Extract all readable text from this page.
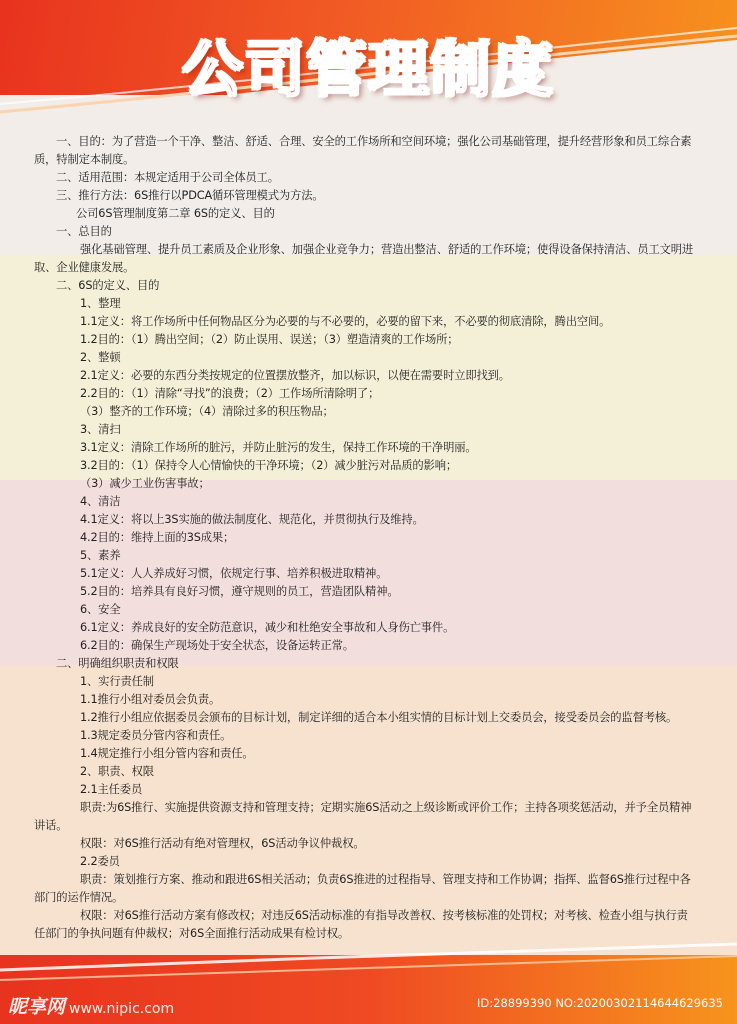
公司管理制度
一、目的：为了营造一个干净、整洁、舒适、合理、安全的工作场所和空间环境；强化公司基础管理，提升经营形象和员工综合素
质，特制定本制度。
二、适用范围：本规定适用于公司全体员工。
三、推行方法：6S推行以PDCA循环管理模式为方法。
公司6S管理制度第二章 6S的定义、目的
一、总目的
强化基础管理、提升员工素质及企业形象、加强企业竞争力；营造出整洁、舒适的工作环境；使得设备保持清洁、员工文明进
取、企业健康发展。
二、6S的定义、目的
1、整理
1.1定义：将工作场所中任何物品区分为必要的与不必要的，必要的留下来，不必要的彻底清除，腾出空间。
1.2目的：（1）腾出空间；（2）防止误用、误送；（3）塑造清爽的工作场所；
2、整顿
2.1定义：必要的东西分类按规定的位置摆放整齐，加以标识，以便在需要时立即找到。
2.2目的：（1）清除“寻找”的浪费；（2）工作场所清除明了；
（3）整齐的工作环境；（4）清除过多的积压物品；
3、清扫
3.1定义：清除工作场所的脏污，并防止脏污的发生，保持工作环境的干净明丽。
3.2目的：（1）保持令人心情愉快的干净环境；（2）减少脏污对品质的影响；
（3）减少工业伤害事故；
4、清洁
4.1定义：将以上3S实施的做法制度化、规范化，并贯彻执行及维持。
4.2目的：维持上面的3S成果；
5、素养
5.1定义：人人养成好习惯，依规定行事、培养积极进取精神。
5.2目的：培养具有良好习惯，遵守规则的员工，营造团队精神。
6、安全
6.1定义：养成良好的安全防范意识，减少和杜绝安全事故和人身伤亡事件。
6.2目的：确保生产现场处于安全状态，设备运转正常。
二、明确组织职责和权限
1、实行责任制
1.1推行小组对委员会负责。
1.2推行小组应依据委员会颁布的目标计划，制定详细的适合本小组实情的目标计划上交委员会，接受委员会的监督考核。
1.3规定委员分管内容和责任。
1.4规定推行小组分管内容和责任。
2、职责、权限
2.1主任委员
职责:为6S推行、实施提供资源支持和管理支持；定期实施6S活动之上级诊断或评价工作；主持各项奖惩活动，并予全员精神
讲话。
权限：对6S推行活动有绝对管理权，6S活动争议仲裁权。
2.2委员
职责：策划推行方案、推动和跟进6S相关活动；负责6S推进的过程指导、管理支持和工作协调；指挥、监督6S推行过程中各
部门的运作情况。
权限：对6S推行活动方案有修改权；对违反6S活动标准的有指导改善权、按考核标准的处罚权；对考核、检查小组与执行责
任部门的争执问题有仲裁权；对6S全面推行活动成果有检讨权。
昵享网 www.nipic.com	ID:28899390 NO:20200302114644629635
